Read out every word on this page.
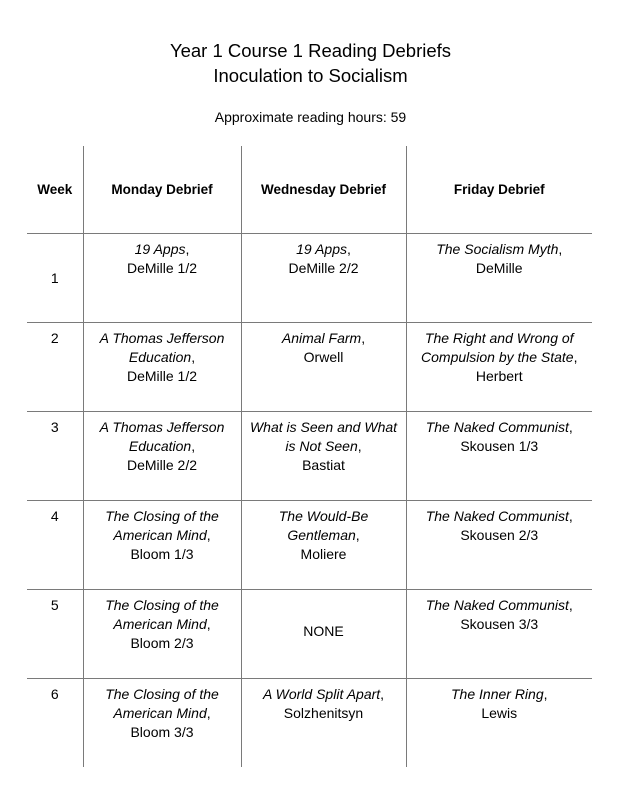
Year 1 Course 1 Reading Debriefs

Inoculation to Socialism

Approximate reading hours: 59
Week	Monday Debrief	Wednesday Debrief	Friday Debrief
1	19 Apps,
DeMille 1/2	19 Apps,
DeMille 2/2	The Socialism Myth,
DeMille

2	A Thomas Jefferson Education,
DeMille 1/2	Animal Farm,
Orwell	The Right and Wrong of Compulsion by the State,
Herbert

3	A Thomas Jefferson Education,
DeMille 2/2	What is Seen and What is Not Seen,
Bastiat	The Naked Communist,
Skousen 1/3

4	The Closing of the American Mind,
Bloom 1/3	The Would-Be Gentleman,
Moliere	The Naked Communist,
Skousen 2/3

5	The Closing of the American Mind,
Bloom 2/3	NONE	The Naked Communist,
Skousen 3/3

6	The Closing of the American Mind,
Bloom 3/3	A World Split Apart,
Solzhenitsyn	The Inner Ring,
Lewis
